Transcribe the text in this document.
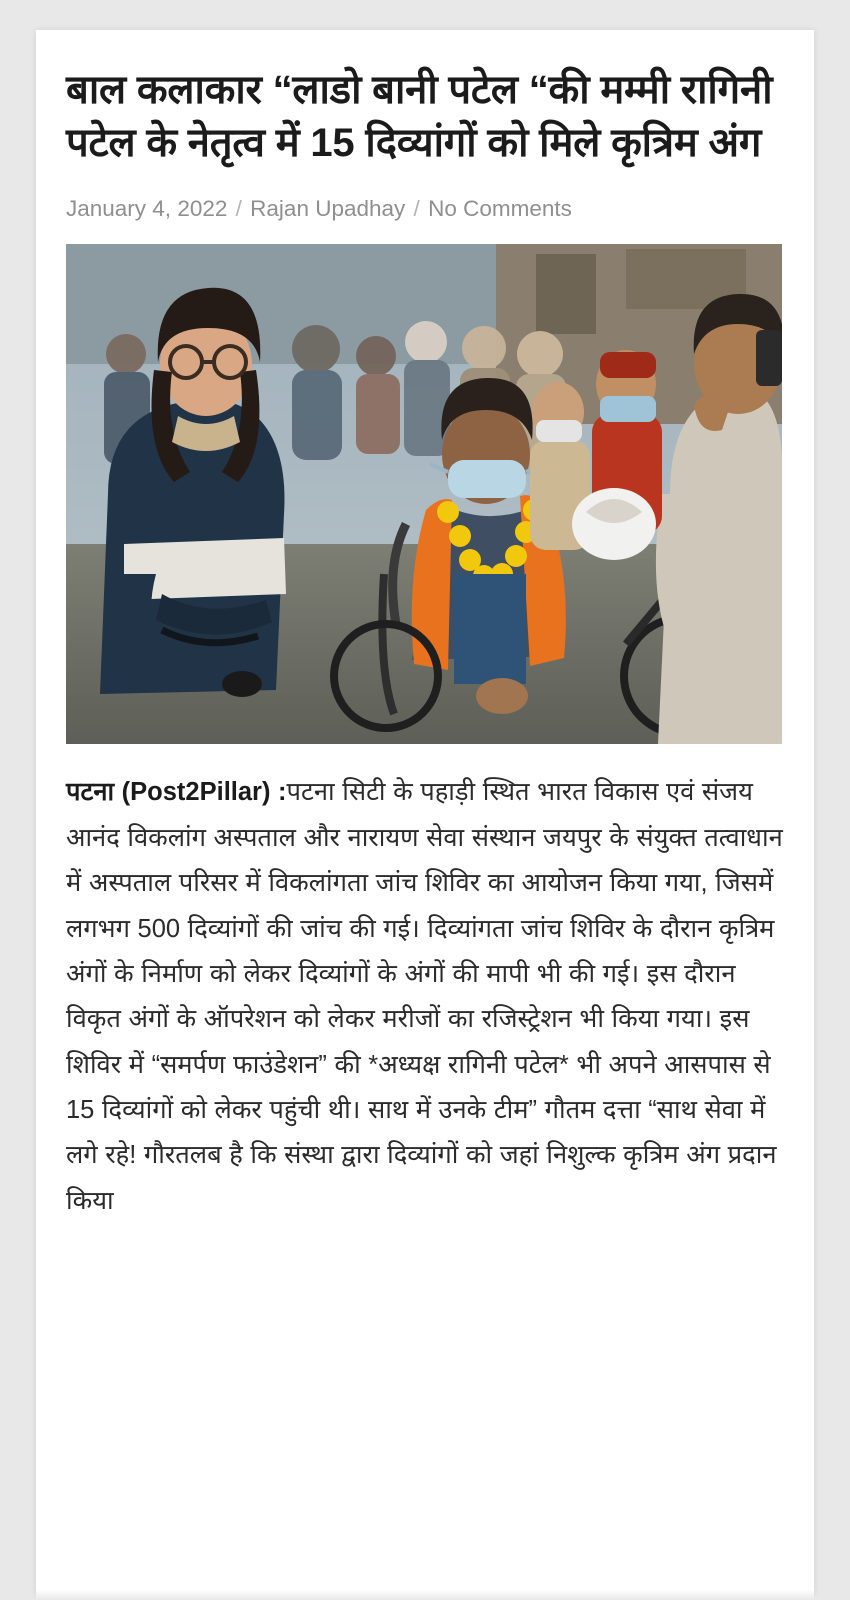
बाल कलाकार “लाडो बानी पटेल “की मम्मी रागिनी पटेल के नेतृत्व में 15 दिव्यांगों को मिले कृत्रिम अंग
January 4, 2022 / Rajan Upadhay / No Comments

पटना (Post2Pillar) :पटना सिटी के पहाड़ी स्थित भारत विकास एवं संजय आनंद विकलांग अस्पताल और नारायण सेवा संस्थान जयपुर के संयुक्त तत्वाधान में अस्पताल परिसर में विकलांगता जांच शिविर का आयोजन किया गया, जिसमें लगभग 500 दिव्यांगों की जांच की गई। दिव्यांगता जांच शिविर के दौरान कृत्रिम अंगों के निर्माण को लेकर दिव्यांगों के अंगों की मापी भी की गई। इस दौरान विकृत अंगों के ऑपरेशन को लेकर मरीजों का रजिस्ट्रेशन भी किया गया। इस शिविर में “समर्पण फाउंडेशन” की *अध्यक्ष रागिनी पटेल* भी अपने आसपास से 15 दिव्यांगों को लेकर पहुंची थी। साथ में उनके टीम” गौतम दत्ता “साथ सेवा में लगे रहे! गौरतलब है कि संस्था द्वारा दिव्यांगों को जहां निशुल्क कृत्रिम अंग प्रदान किया
